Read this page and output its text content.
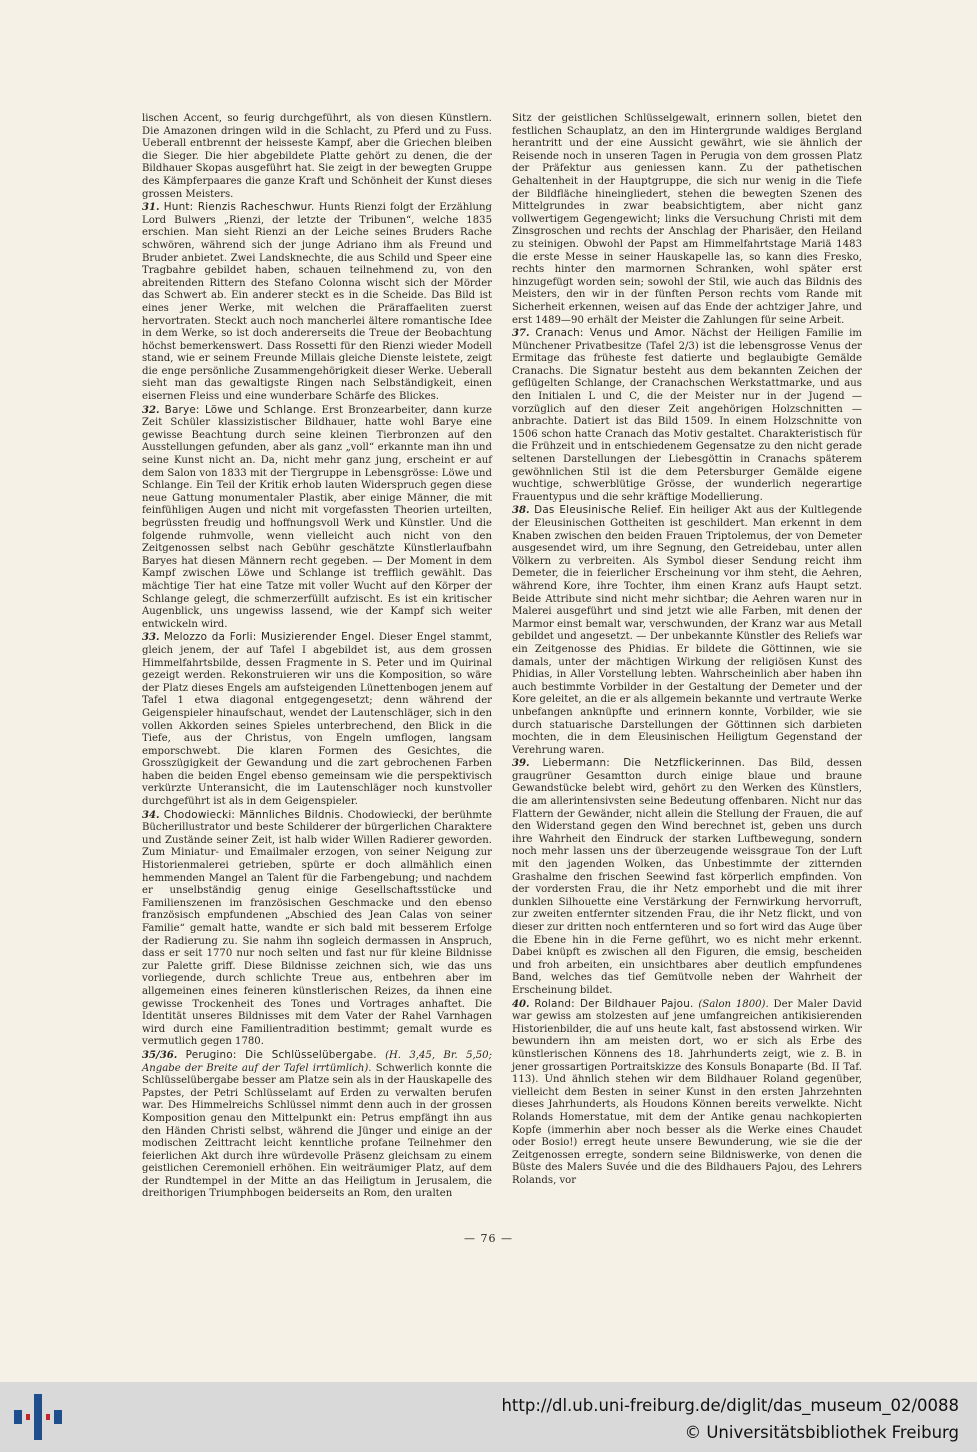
lischen Accent, so feurig durchgeführt, als von diesen Künstlern. Die Amazonen dringen wild in die Schlacht, zu Pferd und zu Fuss. Ueberall entbrennt der heisseste Kampf, aber die Griechen bleiben die Sieger. Die hier abgebildete Platte gehört zu denen, die der Bildhauer Skopas ausgeführt hat. Sie zeigt in der bewegten Gruppe des Kämpferpaares die ganze Kraft und Schönheit der Kunst dieses grossen Meisters.

31. Hunt: Rienzis Racheschwur. Hunts Rienzi folgt der Erzählung Lord Bulwers „Rienzi, der letzte der Tribunen“, welche 1835 erschien. Man sieht Rienzi an der Leiche seines Bruders Rache schwören, während sich der junge Adriano ihm als Freund und Bruder anbietet. Zwei Landsknechte, die aus Schild und Speer eine Tragbahre gebildet haben, schauen teilnehmend zu, von den abreitenden Rittern des Stefano Colonna wischt sich der Mörder das Schwert ab. Ein anderer steckt es in die Scheide. Das Bild ist eines jener Werke, mit welchen die Präraffaeliten zuerst hervortraten. Steckt auch noch mancherlei ältere romantische Idee in dem Werke, so ist doch andererseits die Treue der Beobachtung höchst bemerkenswert. Dass Rossetti für den Rienzi wieder Modell stand, wie er seinem Freunde Millais gleiche Dienste leistete, zeigt die enge persönliche Zusammengehörigkeit dieser Werke. Ueberall sieht man das gewaltigste Ringen nach Selbständigkeit, einen eisernen Fleiss und eine wunderbare Schärfe des Blickes.

32. Barye: Löwe und Schlange. Erst Bronzearbeiter, dann kurze Zeit Schüler klassizistischer Bildhauer, hatte wohl Barye eine gewisse Beachtung durch seine kleinen Tierbronzen auf den Ausstellungen gefunden, aber als ganz „voll“ erkannte man ihn und seine Kunst nicht an. Da, nicht mehr ganz jung, erscheint er auf dem Salon von 1833 mit der Tiergruppe in Lebensgrösse: Löwe und Schlange. Ein Teil der Kritik erhob lauten Widerspruch gegen diese neue Gattung monumentaler Plastik, aber einige Männer, die mit feinfühligen Augen und nicht mit vorgefassten Theorien urteilten, begrüssten freudig und hoffnungsvoll Werk und Künstler. Und die folgende ruhmvolle, wenn vielleicht auch nicht von den Zeitgenossen selbst nach Gebühr geschätzte Künstlerlaufbahn Baryes hat diesen Männern recht gegeben. — Der Moment in dem Kampf zwischen Löwe und Schlange ist trefflich gewählt. Das mächtige Tier hat eine Tatze mit voller Wucht auf den Körper der Schlange gelegt, die schmerzerfüllt aufzischt. Es ist ein kritischer Augenblick, uns ungewiss lassend, wie der Kampf sich weiter entwickeln wird.

33. Melozzo da Forli: Musizierender Engel. Dieser Engel stammt, gleich jenem, der auf Tafel I abgebildet ist, aus dem grossen Himmelfahrtsbilde, dessen Fragmente in S. Peter und im Quirinal gezeigt werden. Rekonstruieren wir uns die Komposition, so wäre der Platz dieses Engels am aufsteigenden Lünettenbogen jenem auf Tafel 1 etwa diagonal entgegengesetzt; denn während der Geigenspieler hinaufschaut, wendet der Lautenschläger, sich in den vollen Akkorden seines Spieles unterbrechend, den Blick in die Tiefe, aus der Christus, von Engeln umflogen, langsam emporschwebt. Die klaren Formen des Gesichtes, die Grosszügigkeit der Gewandung und die zart gebrochenen Farben haben die beiden Engel ebenso gemeinsam wie die perspektivisch verkürzte Unteransicht, die im Lautenschläger noch kunstvoller durchgeführt ist als in dem Geigenspieler.

34. Chodowiecki: Männliches Bildnis. Chodowiecki, der berühmte Bücherillustrator und beste Schilderer der bürgerlichen Charaktere und Zustände seiner Zeit, ist halb wider Willen Radierer geworden. Zum Miniatur- und Emailmaler erzogen, von seiner Neigung zur Historienmalerei getrieben, spürte er doch allmählich einen hemmenden Mangel an Talent für die Farbengebung; und nachdem er unselbständig genug einige Gesellschaftsstücke und Familienszenen im französischen Geschmacke und den ebenso französisch empfundenen „Abschied des Jean Calas von seiner Familie“ gemalt hatte, wandte er sich bald mit besserem Erfolge der Radierung zu. Sie nahm ihn sogleich dermassen in Anspruch, dass er seit 1770 nur noch selten und fast nur für kleine Bildnisse zur Palette griff. Diese Bildnisse zeichnen sich, wie das uns vorliegende, durch schlichte Treue aus, entbehren aber im allgemeinen eines feineren künstlerischen Reizes, da ihnen eine gewisse Trockenheit des Tones und Vortrages anhaftet. Die Identität unseres Bildnisses mit dem Vater der Rahel Varnhagen wird durch eine Familientradition bestimmt; gemalt wurde es vermutlich gegen 1780.

35/36. Perugino: Die Schlüsselübergabe. (H. 3,45, Br. 5,50; Angabe der Breite auf der Tafel irrtümlich). Schwerlich konnte die Schlüsselübergabe besser am Platze sein als in der Hauskapelle des Papstes, der Petri Schlüsselamt auf Erden zu verwalten berufen war. Des Himmelreichs Schlüssel nimmt denn auch in der grossen Komposition genau den Mittelpunkt ein: Petrus empfängt ihn aus den Händen Christi selbst, während die Jünger und einige an der modischen Zeittracht leicht kenntliche profane Teilnehmer den feierlichen Akt durch ihre würdevolle Präsenz gleichsam zu einem geistlichen Ceremoniell erhöhen. Ein weiträumiger Platz, auf dem der Rundtempel in der Mitte an das Heiligtum in Jerusalem, die dreithorigen Triumphbogen beiderseits an Rom, den uralten

Sitz der geistlichen Schlüsselgewalt, erinnern sollen, bietet den festlichen Schauplatz, an den im Hintergrunde waldiges Bergland herantritt und der eine Aussicht gewährt, wie sie ähnlich der Reisende noch in unseren Tagen in Perugia von dem grossen Platz der Präfektur aus geniessen kann. Zu der pathetischen Gehaltenheit in der Hauptgruppe, die sich nur wenig in die Tiefe der Bildfläche hineingliedert, stehen die bewegten Szenen des Mittelgrundes in zwar beabsichtigtem, aber nicht ganz vollwertigem Gegengewicht; links die Versuchung Christi mit dem Zinsgroschen und rechts der Anschlag der Pharisäer, den Heiland zu steinigen. Obwohl der Papst am Himmelfahrtstage Mariä 1483 die erste Messe in seiner Hauskapelle las, so kann dies Fresko, rechts hinter den marmornen Schranken, wohl später erst hinzugefügt worden sein; sowohl der Stil, wie auch das Bildnis des Meisters, den wir in der fünften Person rechts vom Rande mit Sicherheit erkennen, weisen auf das Ende der achtziger Jahre, und erst 1489—90 erhält der Meister die Zahlungen für seine Arbeit.

37. Cranach: Venus und Amor. Nächst der Heiligen Familie im Münchener Privatbesitze (Tafel 2/3) ist die lebensgrosse Venus der Ermitage das früheste fest datierte und beglaubigte Gemälde Cranachs. Die Signatur besteht aus dem bekannten Zeichen der geflügelten Schlange, der Cranachschen Werkstattmarke, und aus den Initialen L und C, die der Meister nur in der Jugend — vorzüglich auf den dieser Zeit angehörigen Holzschnitten — anbrachte. Datiert ist das Bild 1509. In einem Holzschnitte von 1506 schon hatte Cranach das Motiv gestaltet. Charakteristisch für die Frühzeit und in entschiedenem Gegensatze zu den nicht gerade seltenen Darstellungen der Liebesgöttin in Cranachs späterem gewöhnlichen Stil ist die dem Petersburger Gemälde eigene wuchtige, schwerblütige Grösse, der wunderlich negerartige Frauentypus und die sehr kräftige Modellierung.

38. Das Eleusinische Relief. Ein heiliger Akt aus der Kultlegende der Eleusinischen Gottheiten ist geschildert. Man erkennt in dem Knaben zwischen den beiden Frauen Triptolemus, der von Demeter ausgesendet wird, um ihre Segnung, den Getreidebau, unter allen Völkern zu verbreiten. Als Symbol dieser Sendung reicht ihm Demeter, die in feierlicher Erscheinung vor ihm steht, die Aehren, während Kore, ihre Tochter, ihm einen Kranz aufs Haupt setzt. Beide Attribute sind nicht mehr sichtbar; die Aehren waren nur in Malerei ausgeführt und sind jetzt wie alle Farben, mit denen der Marmor einst bemalt war, verschwunden, der Kranz war aus Metall gebildet und angesetzt. — Der unbekannte Künstler des Reliefs war ein Zeitgenosse des Phidias. Er bildete die Göttinnen, wie sie damals, unter der mächtigen Wirkung der religiösen Kunst des Phidias, in Aller Vorstellung lebten. Wahrscheinlich aber haben ihn auch bestimmte Vorbilder in der Gestaltung der Demeter und der Kore geleitet, an die er als allgemein bekannte und vertraute Werke unbefangen anknüpfte und erinnern konnte, Vorbilder, wie sie durch statuarische Darstellungen der Göttinnen sich darbieten mochten, die in dem Eleusinischen Heiligtum Gegenstand der Verehrung waren.

39. Liebermann: Die Netzflickerinnen. Das Bild, dessen graugrüner Gesamtton durch einige blaue und braune Gewandstücke belebt wird, gehört zu den Werken des Künstlers, die am allerintensivsten seine Bedeutung offenbaren. Nicht nur das Flattern der Gewänder, nicht allein die Stellung der Frauen, die auf den Widerstand gegen den Wind berechnet ist, geben uns durch ihre Wahrheit den Eindruck der starken Luftbewegung, sondern noch mehr lassen uns der überzeugende weissgraue Ton der Luft mit den jagenden Wolken, das Unbestimmte der zitternden Grashalme den frischen Seewind fast körperlich empfinden. Von der vordersten Frau, die ihr Netz emporhebt und die mit ihrer dunklen Silhouette eine Verstärkung der Fernwirkung hervorruft, zur zweiten entfernter sitzenden Frau, die ihr Netz flickt, und von dieser zur dritten noch entfernteren und so fort wird das Auge über die Ebene hin in die Ferne geführt, wo es nicht mehr erkennt. Dabei knüpft es zwischen all den Figuren, die emsig, bescheiden und froh arbeiten, ein unsichtbares aber deutlich empfundenes Band, welches das tief Gemütvolle neben der Wahrheit der Erscheinung bildet.

40. Roland: Der Bildhauer Pajou. (Salon 1800). Der Maler David war gewiss am stolzesten auf jene umfangreichen antikisierenden Historienbilder, die auf uns heute kalt, fast abstossend wirken. Wir bewundern ihn am meisten dort, wo er sich als Erbe des künstlerischen Könnens des 18. Jahrhunderts zeigt, wie z. B. in jener grossartigen Portraitskizze des Konsuls Bonaparte (Bd. II Taf. 113). Und ähnlich stehen wir dem Bildhauer Roland gegenüber, vielleicht dem Besten in seiner Kunst in den ersten Jahrzehnten dieses Jahrhunderts, als Houdons Können bereits verwelkte. Nicht Rolands Homerstatue, mit dem der Antike genau nachkopierten Kopfe (immerhin aber noch besser als die Werke eines Chaudet oder Bosio!) erregt heute unsere Bewunderung, wie sie die der Zeitgenossen erregte, sondern seine Bildniswerke, von denen die Büste des Malers Suvée und die des Bildhauers Pajou, des Lehrers Rolands, vor

— 76 —
http://dl.ub.uni-freiburg.de/diglit/das_museum_02/0088
© Universitätsbibliothek Freiburg
